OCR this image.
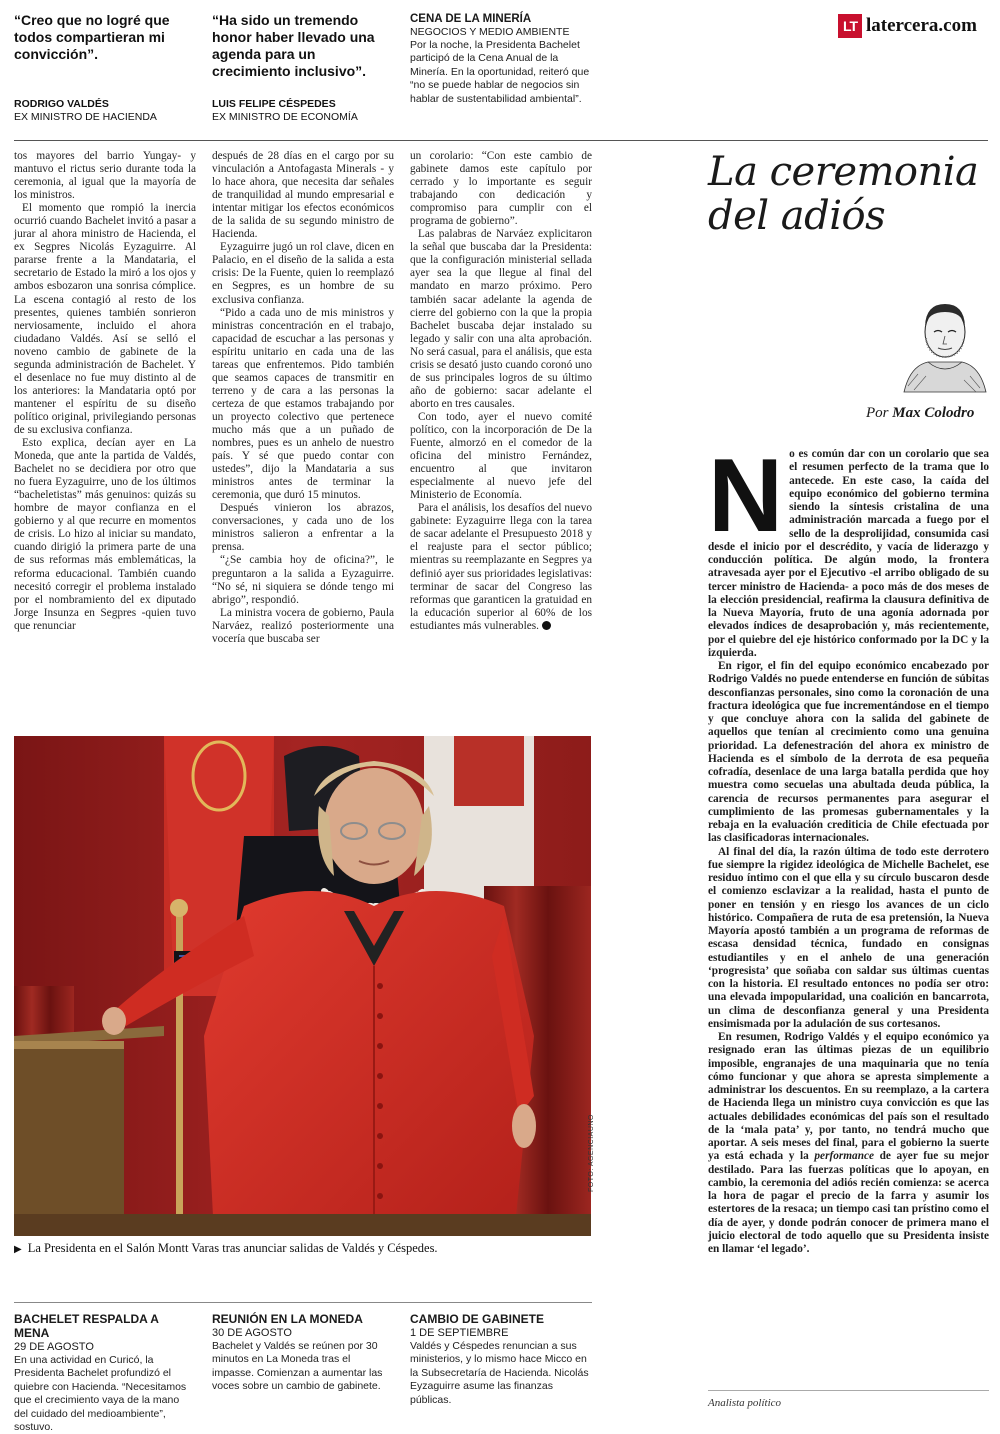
“Creo que no logré que todos compartieran mi convicción”.
RODRIGO VALDÉS
EX MINISTRO DE HACIENDA
“Ha sido un tremendo honor haber llevado una agenda para un crecimiento inclusivo”.
LUIS FELIPE CÉSPEDES
EX MINISTRO DE ECONOMÍA
CENA DE LA MINERÍA
NEGOCIOS Y MEDIO AMBIENTE
Por la noche, la Presidenta Bachelet participó de la Cena Anual de la Minería. En la oportunidad, reiteró que “no se puede hablar de negocios sin hablar de sustentabilidad ambiental”.
LT latercera.com

tos mayores del barrio Yungay- y mantuvo el rictus serio durante toda la ceremonia, al igual que la mayoría de los ministros.

El momento que rompió la inercia ocurrió cuando Bachelet invitó a pasar a jurar al ahora ministro de Hacienda, el ex Segpres Nicolás Eyzaguirre. Al pararse frente a la Mandataria, el secretario de Estado la miró a los ojos y ambos esbozaron una sonrisa cómplice. La escena contagió al resto de los presentes, quienes también sonrieron nerviosamente, incluido el ahora ciudadano Valdés. Así se selló el noveno cambio de gabinete de la segunda administración de Bachelet. Y el desenlace no fue muy distinto al de los anteriores: la Mandataria optó por mantener el espíritu de su diseño político original, privilegiando personas de su exclusiva confianza.

Esto explica, decían ayer en La Moneda, que ante la partida de Valdés, Bachelet no se decidiera por otro que no fuera Eyzaguirre, uno de los últimos “bacheletistas” más genuinos: quizás su hombre de mayor confianza en el gobierno y al que recurre en momentos de crisis. Lo hizo al iniciar su mandato, cuando dirigió la primera parte de una de sus reformas más emblemáticas, la reforma educacional. También cuando necesitó corregir el problema instalado por el nombramiento del ex diputado Jorge Insunza en Segpres -quien tuvo que renunciar

después de 28 días en el cargo por su vinculación a Antofagasta Minerals - y lo hace ahora, que necesita dar señales de tranquilidad al mundo empresarial e intentar mitigar los efectos económicos de la salida de su segundo ministro de Hacienda.

Eyzaguirre jugó un rol clave, dicen en Palacio, en el diseño de la salida a esta crisis: De la Fuente, quien lo reemplazó en Segpres, es un hombre de su exclusiva confianza.

“Pido a cada uno de mis ministros y ministras concentración en el trabajo, capacidad de escuchar a las personas y espíritu unitario en cada una de las tareas que enfrentemos. Pido también que seamos capaces de transmitir en terreno y de cara a las personas la certeza de que estamos trabajando por un proyecto colectivo que pertenece mucho más que a un puñado de nombres, pues es un anhelo de nuestro país. Y sé que puedo contar con ustedes”, dijo la Mandataria a sus ministros antes de terminar la ceremonia, que duró 15 minutos.

Después vinieron los abrazos, conversaciones, y cada uno de los ministros salieron a enfrentar a la prensa.

“¿Se cambia hoy de oficina?”, le preguntaron a la salida a Eyzaguirre. “No sé, ni siquiera se dónde tengo mi abrigo”, respondió.

La ministra vocera de gobierno, Paula Narváez, realizó posteriormente una vocería que buscaba ser

un corolario: “Con este cambio de gabinete damos este capítulo por cerrado y lo importante es seguir trabajando con dedicación y compromiso para cumplir con el programa de gobierno”.

Las palabras de Narváez explicitaron la señal que buscaba dar la Presidenta: que la configuración ministerial sellada ayer sea la que llegue al final del mandato en marzo próximo. Pero también sacar adelante la agenda de cierre del gobierno con la que la propia Bachelet buscaba dejar instalado su legado y salir con una alta aprobación. No será casual, para el análisis, que esta crisis se desató justo cuando coronó uno de sus principales logros de su último año de gobierno: sacar adelante el aborto en tres causales.

Con todo, ayer el nuevo comité político, con la incorporación de De la Fuente, almorzó en el comedor de la oficina del ministro Fernández, encuentro al que invitaron especialmente al nuevo jefe del Ministerio de Economía.

Para el análisis, los desafíos del nuevo gabinete: Eyzaguirre llega con la tarea de sacar adelante el Presupuesto 2018 y el reajuste para el sector público; mientras su reemplazante en Segpres ya definió ayer sus prioridades legislativas: terminar de sacar del Congreso las reformas que garanticen la gratuidad en la educación superior al 60% de los estudiantes más vulnerables.

FOTO: AGENCIAUNO
▶ La Presidenta en el Salón Montt Varas tras anunciar salidas de Valdés y Céspedes.
BACHELET RESPALDA A MENA
29 DE AGOSTO
En una actividad en Curicó, la Presidenta Bachelet profundizó el quiebre con Hacienda. “Necesitamos que el crecimiento vaya de la mano del cuidado del medioambiente”, sostuvo.
REUNIÓN EN LA MONEDA
30 DE AGOSTO
Bachelet y Valdés se reúnen por 30 minutos en La Moneda tras el impasse. Comienzan a aumentar las voces sobre un cambio de gabinete.
CAMBIO DE GABINETE
1 DE SEPTIEMBRE
Valdés y Céspedes renuncian a sus ministerios, y lo mismo hace Micco en la Subsecretaría de Hacienda. Nicolás Eyzaguirre asume las finanzas públicas.
La ceremonia del adiós
Por Max Colodro

No es común dar con un corolario que sea el resumen perfecto de la trama que lo antecede. En este caso, la caída del equipo económico del gobierno termina siendo la síntesis cristalina de una administración marcada a fuego por el sello de la desprolijidad, consumida casi desde el inicio por el descrédito, y vacía de liderazgo y conducción política. De algún modo, la frontera atravesada ayer por el Ejecutivo -el arribo obligado de su tercer ministro de Hacienda- a poco más de dos meses de la elección presidencial, reafirma la clausura definitiva de la Nueva Mayoría, fruto de una agonía adornada por elevados índices de desaprobación y, más recientemente, por el quiebre del eje histórico conformado por la DC y la izquierda.

En rigor, el fin del equipo económico encabezado por Rodrigo Valdés no puede entenderse en función de súbitas desconfianzas personales, sino como la coronación de una fractura ideológica que fue incrementándose en el tiempo y que concluye ahora con la salida del gabinete de aquellos que tenían al crecimiento como una genuina prioridad. La defenestración del ahora ex ministro de Hacienda es el símbolo de la derrota de esa pequeña cofradía, desenlace de una larga batalla perdida que hoy muestra como secuelas una abultada deuda pública, la carencia de recursos permanentes para asegurar el cumplimiento de las promesas gubernamentales y la rebaja en la evaluación crediticia de Chile efectuada por las clasificadoras internacionales.

Al final del día, la razón última de todo este derrotero fue siempre la rigidez ideológica de Michelle Bachelet, ese residuo íntimo con el que ella y su círculo buscaron desde el comienzo esclavizar a la realidad, hasta el punto de poner en tensión y en riesgo los avances de un ciclo histórico. Compañera de ruta de esa pretensión, la Nueva Mayoría apostó también a un programa de reformas de escasa densidad técnica, fundado en consignas estudiantiles y en el anhelo de una generación ‘progresista’ que soñaba con saldar sus últimas cuentas con la historia. El resultado entonces no podía ser otro: una elevada impopularidad, una coalición en bancarrota, un clima de desconfianza general y una Presidenta ensimismada por la adulación de sus cortesanos.

En resumen, Rodrigo Valdés y el equipo económico ya resignado eran las últimas piezas de un equilibrio imposible, engranajes de una maquinaria que no tenía cómo funcionar y que ahora se apresta simplemente a administrar los descuentos. En su reemplazo, a la cartera de Hacienda llega un ministro cuya convicción es que las actuales debilidades económicas del país son el resultado de la ‘mala pata’ y, por tanto, no tendrá mucho que aportar. A seis meses del final, para el gobierno la suerte ya está echada y la performance de ayer fue su mejor destilado. Para las fuerzas políticas que lo apoyan, en cambio, la ceremonia del adiós recién comienza: se acerca la hora de pagar el precio de la farra y asumir los estertores de la resaca; un tiempo casi tan prístino como el día de ayer, y donde podrán conocer de primera mano el juicio electoral de todo aquello que su Presidenta insiste en llamar ‘el legado’.

Analista político
